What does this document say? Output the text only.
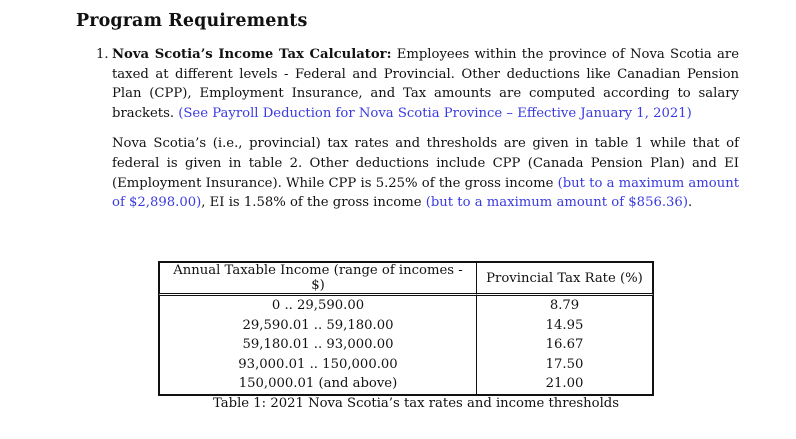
Program Requirements
1. Nova Scotia’s Income Tax Calculator: Employees within the province of Nova Scotia are taxed at different levels - Federal and Provincial. Other deductions like Canadian Pension Plan (CPP), Employment Insurance, and Tax amounts are computed according to salary brackets. (See Payroll Deduction for Nova Scotia Province – Effective January 1, 2021)

Nova Scotia’s (i.e., provincial) tax rates and thresholds are given in table 1 while that of federal is given in table 2. Other deductions include CPP (Canada Pension Plan) and EI (Employment Insurance). While CPP is 5.25% of the gross income (but to a maximum amount of $2,898.00), EI is 1.58% of the gross income (but to a maximum amount of $856.36).

Annual Taxable Income (range of incomes - $)	Provincial Tax Rate (%)
0 .. 29,590.00	8.79
29,590.01 .. 59,180.00	14.95
59,180.01 .. 93,000.00	16.67
93,000.01 .. 150,000.00	17.50
150,000.01 (and above)	21.00
Table 1: 2021 Nova Scotia’s tax rates and income thresholds
